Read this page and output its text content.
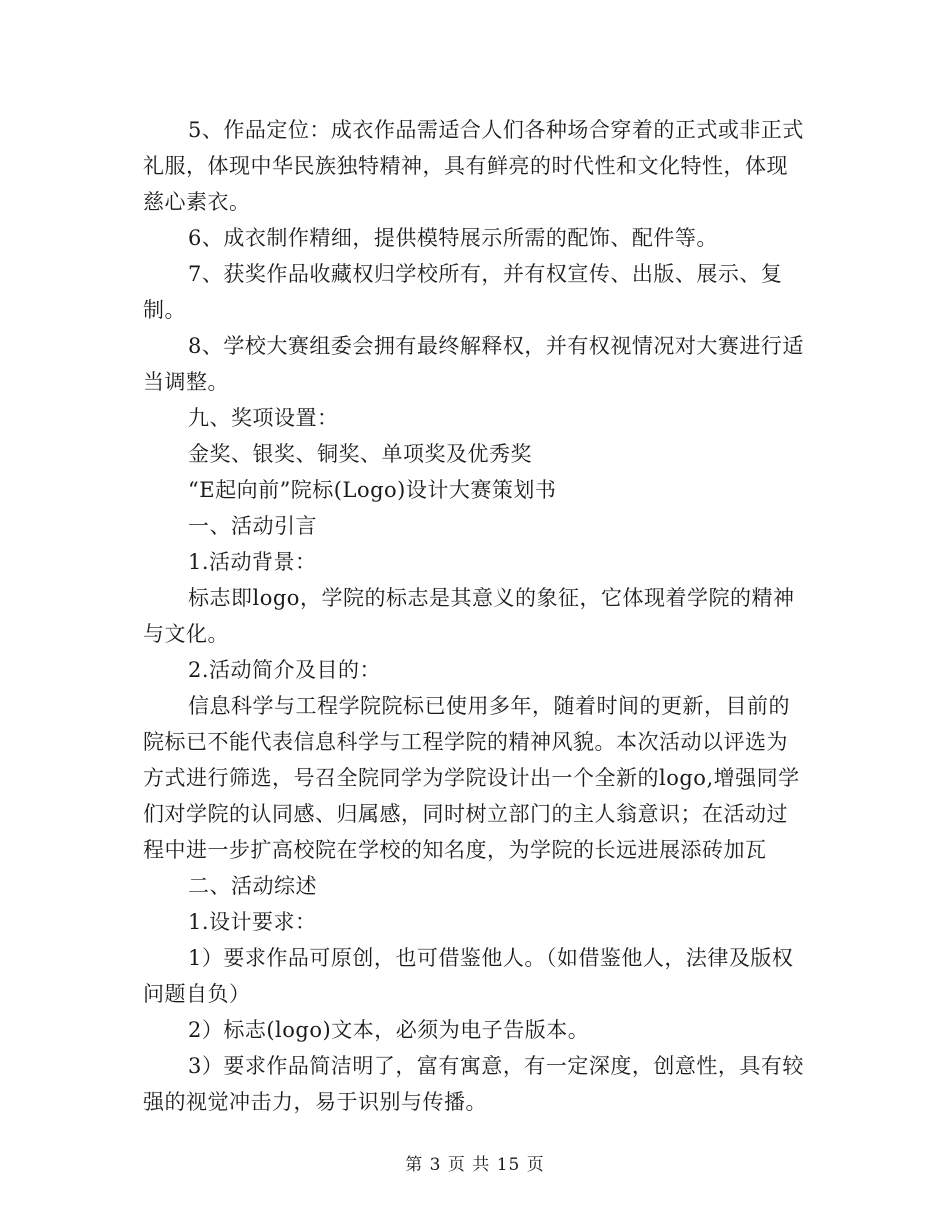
5、作品定位：成衣作品需适合人们各种场合穿着的正式或非正式

礼服，体现中华民族独特精神，具有鲜亮的时代性和文化特性，体现

慈心素衣。

6、成衣制作精细，提供模特展示所需的配饰、配件等。

7、获奖作品收藏权归学校所有，并有权宣传、出版、展示、复制。

8、学校大赛组委会拥有最终解释权，并有权视情况对大赛进行适

当调整。

九、奖项设置：

金奖、银奖、铜奖、单项奖及优秀奖

“E起向前”院标(Logo)设计大赛策划书

一、活动引言

1.活动背景：

标志即logo，学院的标志是其意义的象征，它体现着学院的精神

与文化。

2.活动简介及目的：

信息科学与工程学院院标已使用多年，随着时间的更新，目前的

院标已不能代表信息科学与工程学院的精神风貌。本次活动以评选为

方式进行筛选，号召全院同学为学院设计出一个全新的logo,增强同学

们对学院的认同感、归属感，同时树立部门的主人翁意识；在活动过

程中进一步扩高校院在学校的知名度，为学院的长远进展添砖加瓦

二、活动综述

1.设计要求：

1）要求作品可原创，也可借鉴他人。（如借鉴他人，法律及版权

问题自负）

2）标志(logo)文本，必须为电子告版本。

3）要求作品简洁明了，富有寓意，有一定深度，创意性，具有较

强的视觉冲击力，易于识别与传播。

第 3 页 共 15 页
